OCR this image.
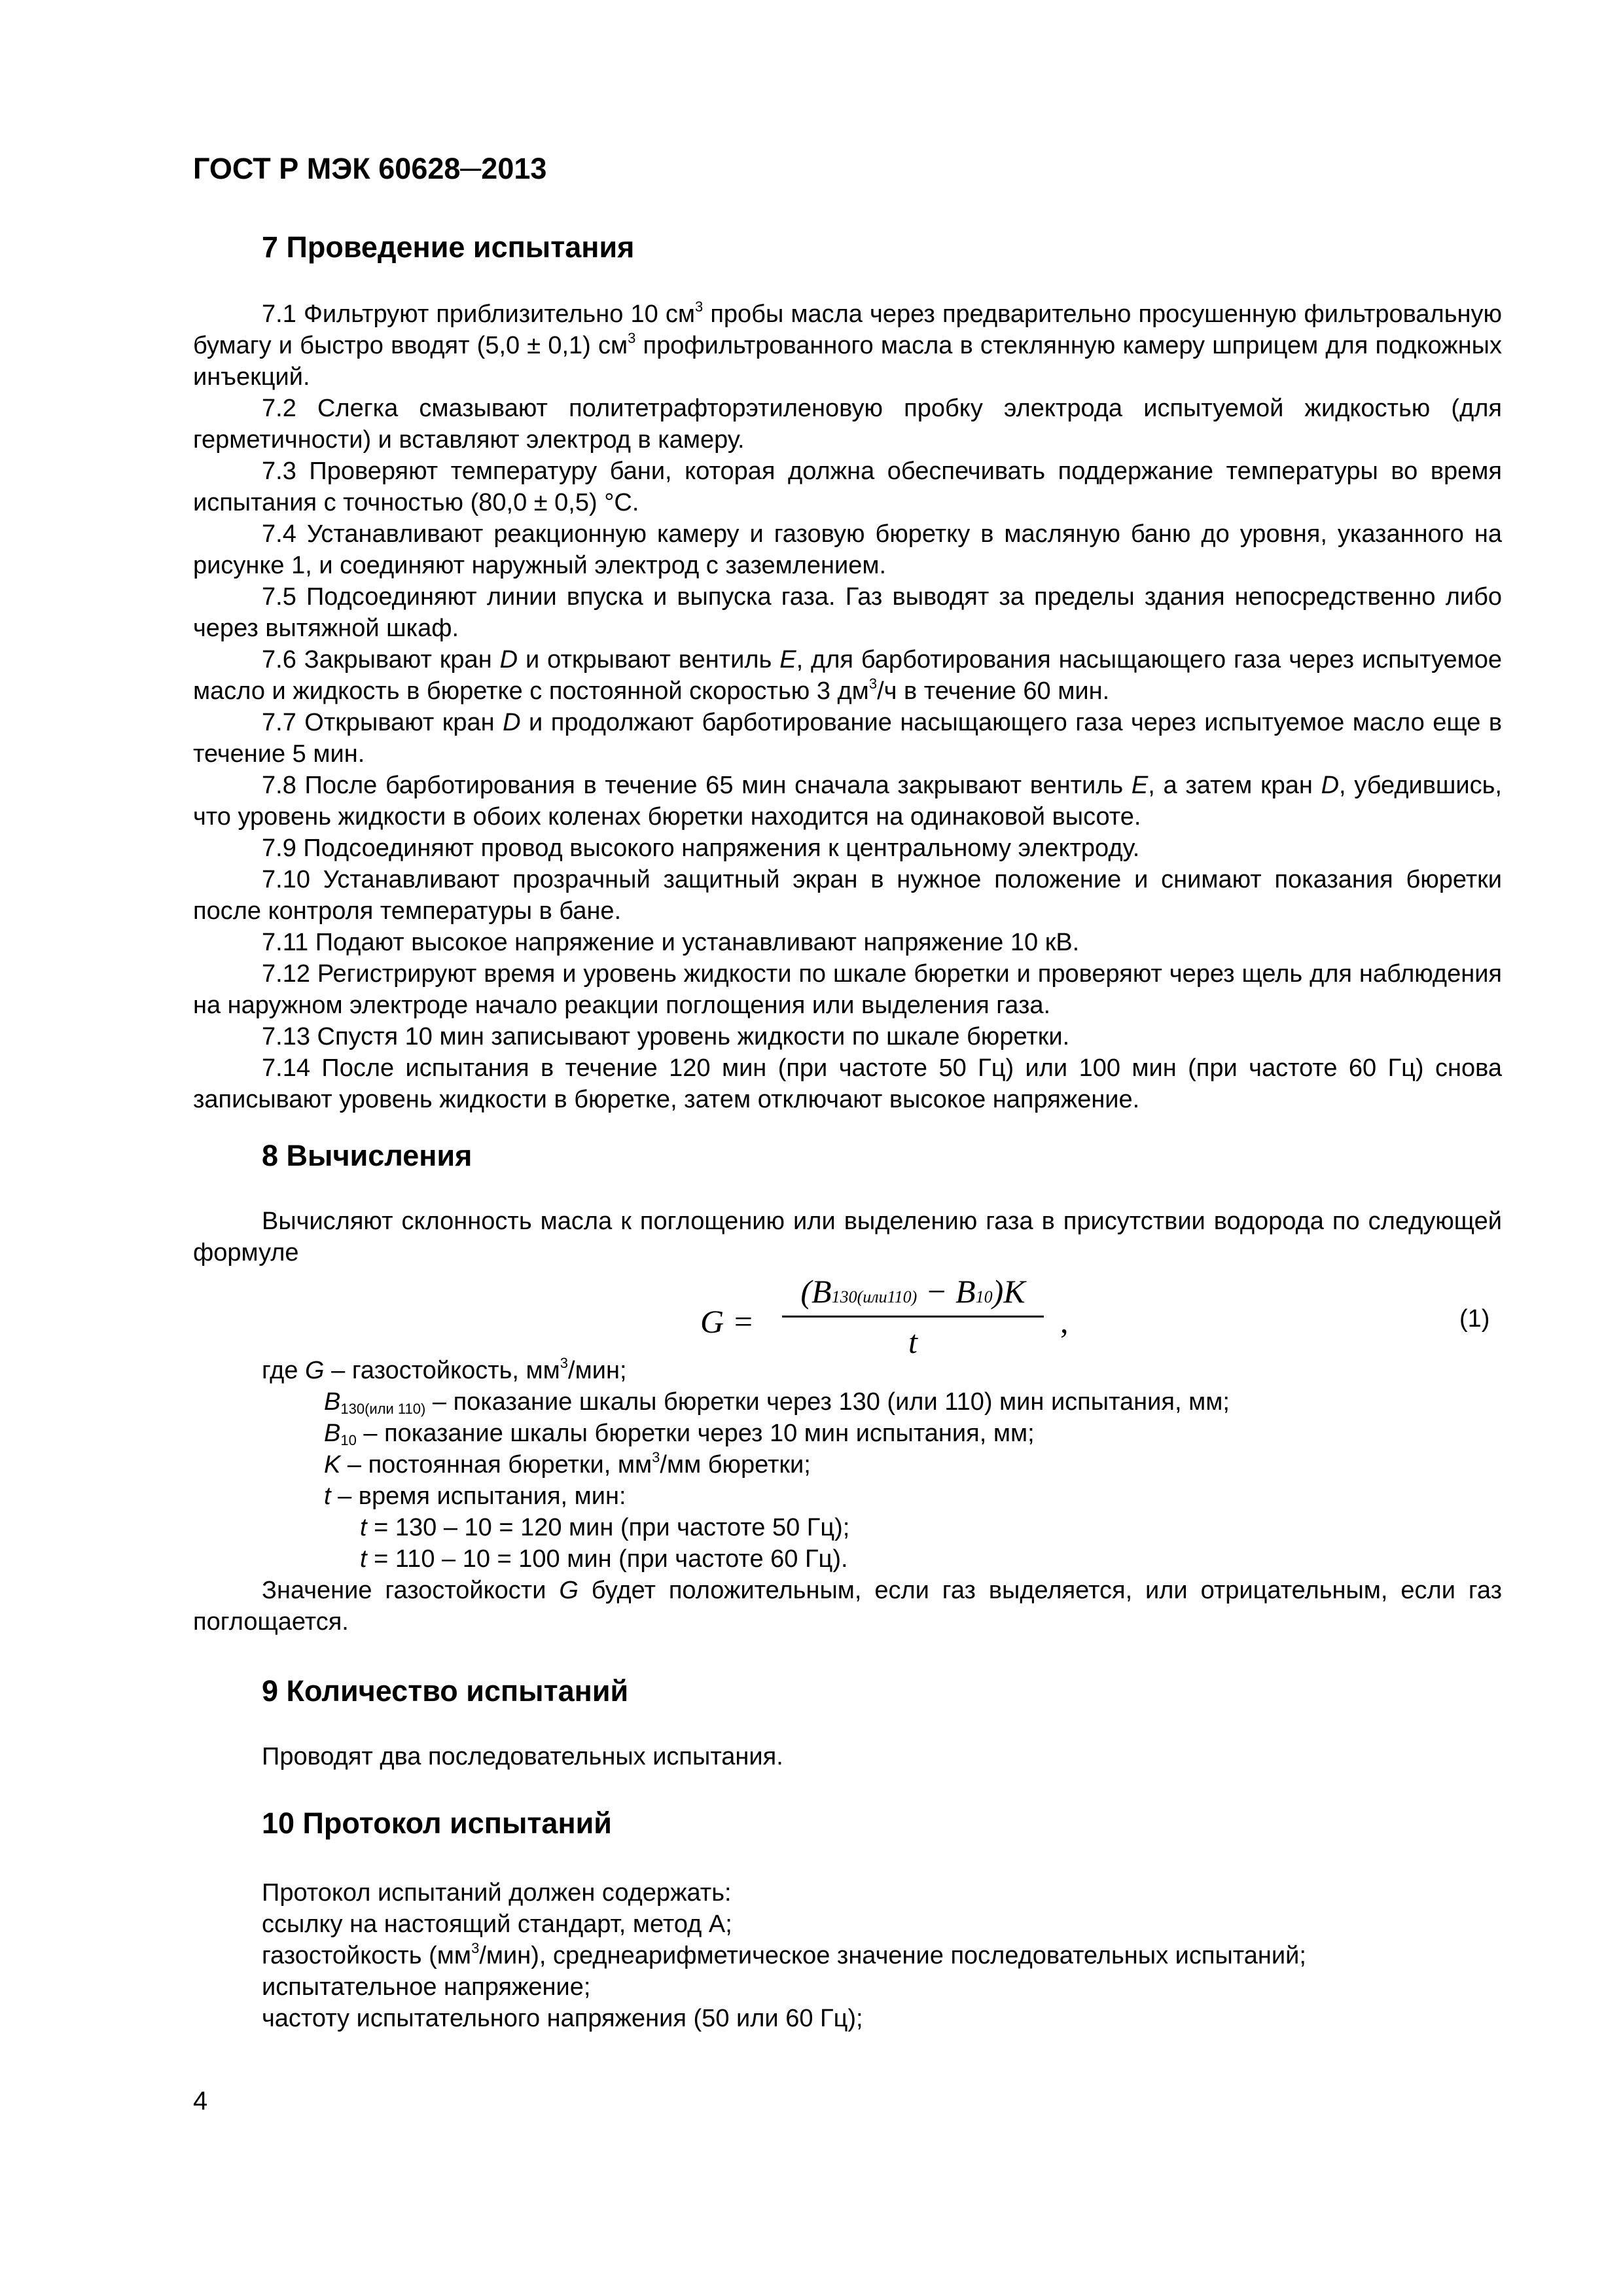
ГОСТ Р МЭК 60628─2013
7 Проведение испытания

7.1 Фильтруют приблизительно 10 $см^3$ пробы масла через предварительно просушенную фильтровальную бумагу и быстро вводят (5,0 ± 0,1) $см^3$ профильтрованного масла в стеклянную камеру шприцем для подкожных инъекций.

7.2 Слегка смазывают политетрафторэтиленовую пробку электрода испытуемой жидкостью (для герметичности) и вставляют электрод в камеру.

7.3 Проверяют температуру бани, которая должна обеспечивать поддержание температуры во время испытания с точностью (80,0 ± 0,5) °С.

7.4 Устанавливают реакционную камеру и газовую бюретку в масляную баню до уровня, указанного на рисунке 1, и соединяют наружный электрод с заземлением.

7.5 Подсоединяют линии впуска и выпуска газа. Газ выводят за пределы здания непосредственно либо через вытяжной шкаф.

7.6 Закрывают кран D и открывают вентиль E, для барботирования насыщающего газа через испытуемое масло и жидкость в бюретке с постоянной скоростью 3 $дм^3/ч$ в течение 60 мин.

7.7 Открывают кран D и продолжают барботирование насыщающего газа через испытуемое масло еще в течение 5 мин.

7.8 После барботирования в течение 65 мин сначала закрывают вентиль E, а затем кран D, убедившись, что уровень жидкости в обоих коленах бюретки находится на одинаковой высоте.

7.9 Подсоединяют провод высокого напряжения к центральному электроду.

7.10 Устанавливают прозрачный защитный экран в нужное положение и снимают показания бюретки после контроля температуры в бане.

7.11 Подают высокое напряжение и устанавливают напряжение 10 кВ.

7.12 Регистрируют время и уровень жидкости по шкале бюретки и проверяют через щель для наблюдения на наружном электроде начало реакции поглощения или выделения газа.

7.13 Спустя 10 мин записывают уровень жидкости по шкале бюретки.

7.14 После испытания в течение 120 мин (при частоте 50 Гц) или 100 мин (при частоте 60 Гц) снова записывают уровень жидкости в бюретке, затем отключают высокое напряжение.

8 Вычисления

Вычисляют склонность масла к поглощению или выделению газа в присутствии водорода по следующей формуле

G =
(B130(или110) − B10)K
t
,	(1)

где G – газостойкость, $мм^3$/мин;

$B_{130(или 110)}$ – показание шкалы бюретки через 130 (или 110) мин испытания, мм;

$B_{10}$ – показание шкалы бюретки через 10 мин испытания, мм;

K – постоянная бюретки, $мм^3/мм$ бюретки;

t – время испытания, мин:

t = 130 – 10 = 120 мин (при частоте 50 Гц);

t = 110 – 10 = 100 мин (при частоте 60 Гц).

Значение газостойкости G будет положительным, если газ выделяется, или отрицательным, если газ поглощается.

9 Количество испытаний

Проводят два последовательных испытания.

10 Протокол испытаний

Протокол испытаний должен содержать:

ссылку на настоящий стандарт, метод А;

газостойкость $(мм^3/мин)$, среднеарифметическое значение последовательных испытаний;

испытательное напряжение;

частоту испытательного напряжения (50 или 60 Гц);

4
